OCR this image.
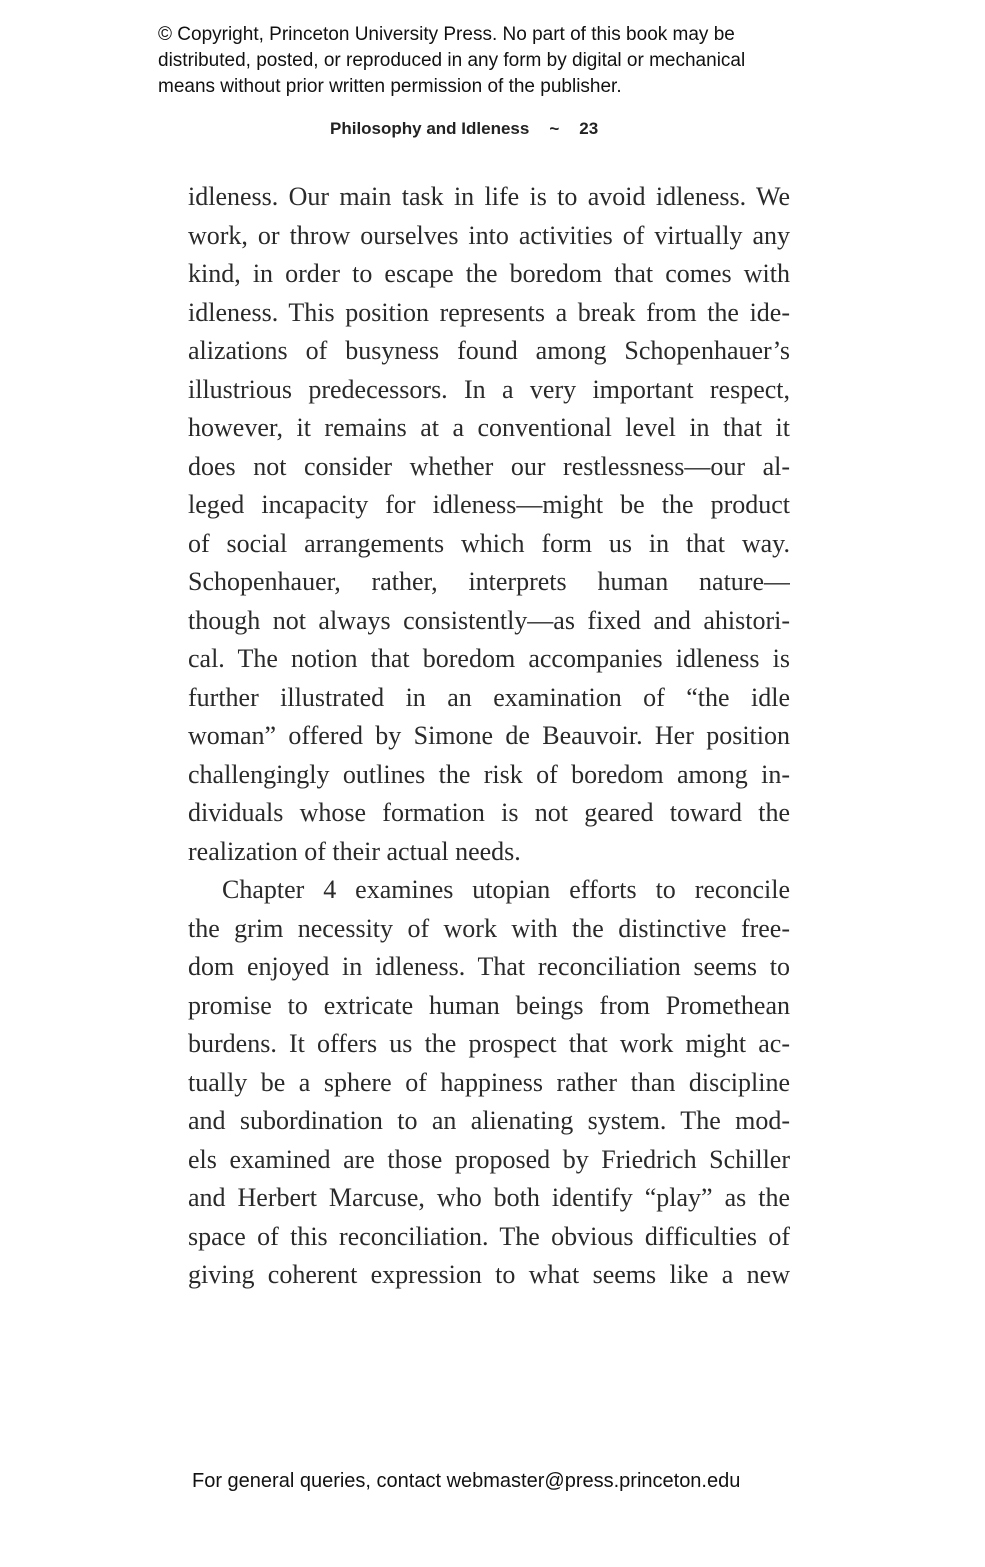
© Copyright, Princeton University Press. No part of this book may be
distributed, posted, or reproduced in any form by digital or mechanical
means without prior written permission of the publisher.
Philosophy and Idleness ~ 23
idleness. Our main task in life is to avoid idleness. We
work, or throw ourselves into activities of virtually any
kind, in order to escape the boredom that comes with
idleness. This position represents a break from the ide-
alizations of busyness found among Schopenhauer’s
illustrious predecessors. In a very important respect,
however, it remains at a conventional level in that it
does not consider whether our restlessness—our al-
leged incapacity for idleness—might be the product
of social arrangements which form us in that way.
Schopenhauer, rather, interprets human nature—
though not always consistently—as fixed and ahistori-
cal. The notion that boredom accompanies idleness is
further illustrated in an examination of “the idle
woman” offered by Simone de Beauvoir. Her position
challengingly outlines the risk of boredom among in-
dividuals whose formation is not geared toward the
realization of their actual needs.
Chapter 4 examines utopian efforts to reconcile
the grim necessity of work with the distinctive free-
dom enjoyed in idleness. That reconciliation seems to
promise to extricate human beings from Promethean
burdens. It offers us the prospect that work might ac-
tually be a sphere of happiness rather than discipline
and subordination to an alienating system. The mod-
els examined are those proposed by Friedrich Schiller
and Herbert Marcuse, who both identify “play” as the
space of this reconciliation. The obvious difficulties of
giving coherent expression to what seems like a new
For general queries, contact webmaster@press.princeton.edu
